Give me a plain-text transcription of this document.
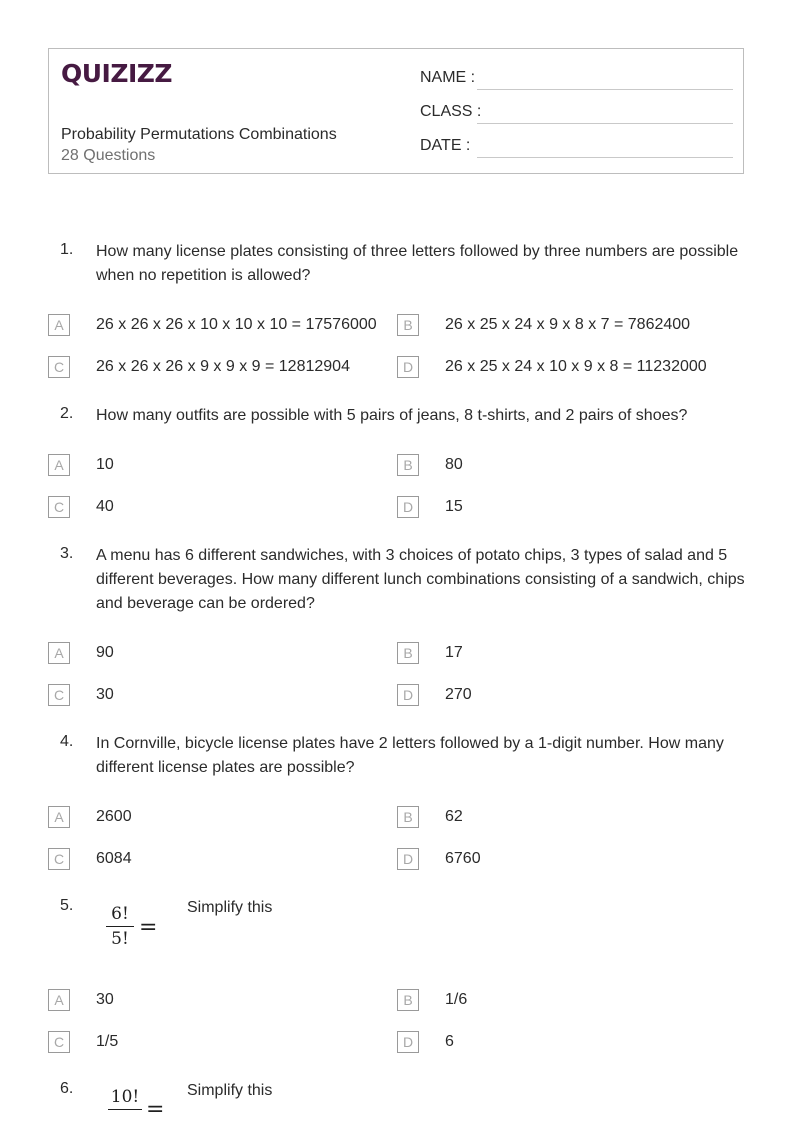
QUIZIZZ
Probability Permutations Combinations
28 Questions
NAME :
CLASS :
DATE :
1. How many license plates consisting of three letters followed by three numbers are possible when no repetition is allowed?
A	26 x 26 x 26 x 10 x 10 x 10 = 17576000	B	26 x 25 x 24 x 9 x 8 x 7 = 7862400
C	26 x 26 x 26 x 9 x 9 x 9 = 12812904	D	26 x 25 x 24 x 10 x 9 x 8 = 11232000
2. How many outfits are possible with 5 pairs of jeans, 8 t-shirts, and 2 pairs of shoes?
A	10	B	80
C	40	D	15
3. A menu has 6 different sandwiches, with 3 choices of potato chips, 3 types of salad and 5 different beverages. How many different lunch combinations consisting of a sandwich, chips and beverage can be ordered?
A	90	B	17
C	30	D	270
4. In Cornville, bicycle license plates have 2 letters followed by a 1-digit number. How many different license plates are possible?
A	2600	B	62
C	6084	D	6760
5.	6!
5! =
Simplify this
A	30	B	1/6
C	1/5	D	6
6. 10! =
Simplify this
